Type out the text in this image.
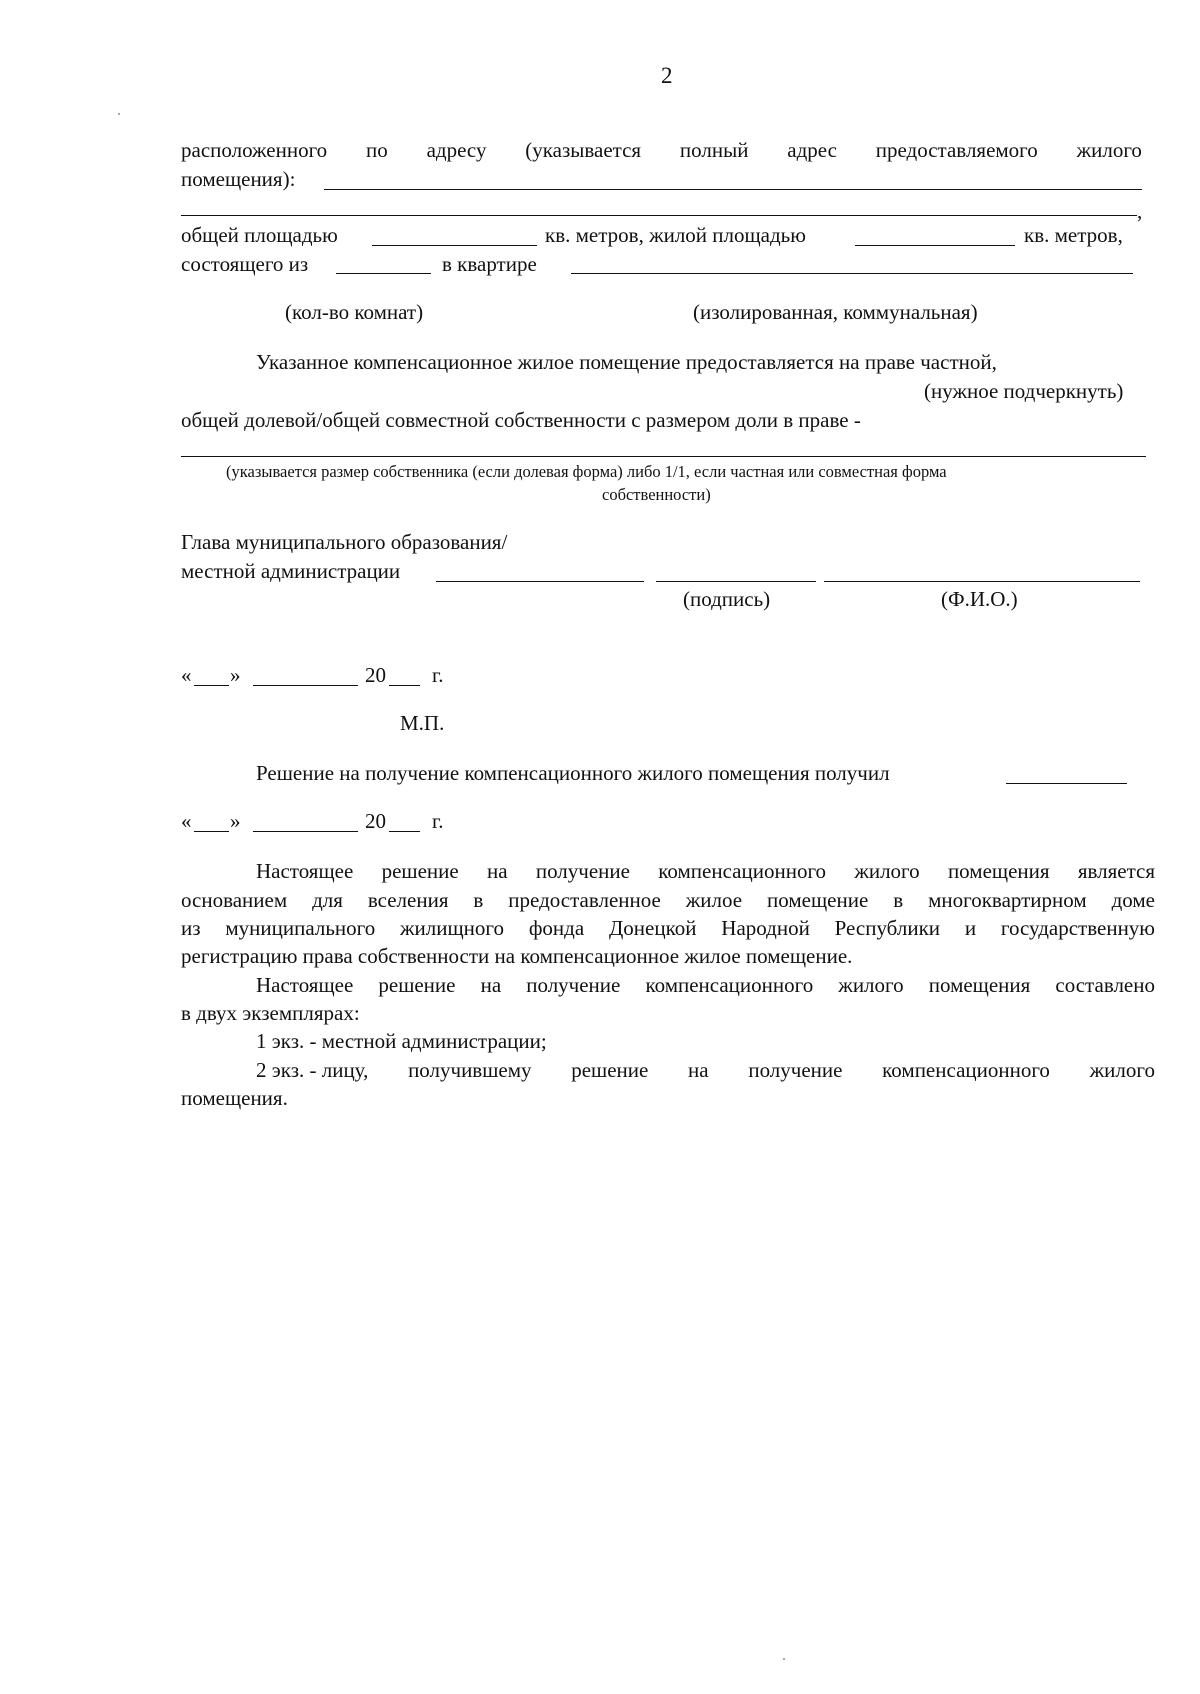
2
расположенного по адресу (указывается полный адрес предоставляемого жилого
помещения):
,
общей площадью	кв. метров, жилой площадью	кв. метров,
состоящего из	в квартире
(кол-во комнат)	(изолированная, коммунальная)
Указанное компенсационное жилое помещение предоставляется на праве частной,
(нужное подчеркнуть)
общей долевой/общей совместной собственности с размером доли в праве -
(указывается размер собственника (если долевая форма) либо 1/1, если частная или совместная форма
собственности)
Глава муниципального образования/
местной администрации
(подпись)	(Ф.И.О.)
« »	20 г.
М.П.
Решение на получение компенсационного жилого помещения получил
« »	20 г.
Настоящее решение на получение компенсационного жилого помещения является
основанием для вселения в предоставленное жилое помещение в многоквартирном доме
из муниципального жилищного фонда Донецкой Народной Республики и государственную
регистрацию права собственности на компенсационное жилое помещение.
Настоящее решение на получение компенсационного жилого помещения составлено
в двух экземплярах:
1 экз. - местной администрации;
2 экз. - лицу, получившему решение на получение компенсационного жилого
помещения.
